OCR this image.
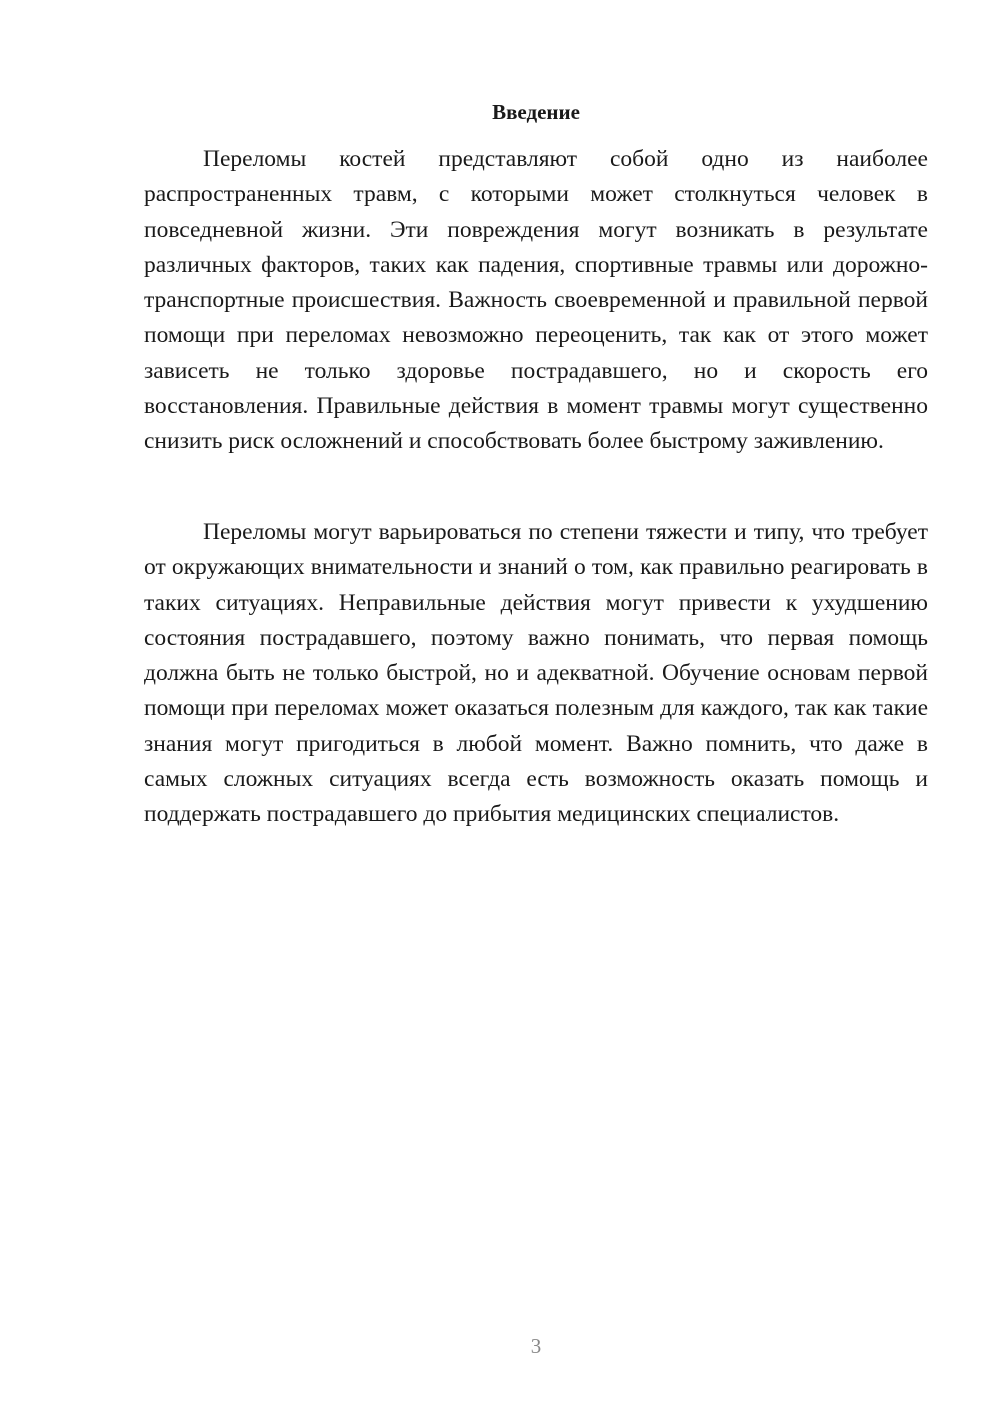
Введение

Переломы костей представляют собой одно из наиболее распространенных травм, с которыми может столкнуться человек в повседневной жизни. Эти повреждения могут возникать в результате различных факторов, таких как падения, спортивные травмы или дорожно-транспортные происшествия. Важность своевременной и правильной первой помощи при переломах невозможно переоценить, так как от этого может зависеть не только здоровье пострадавшего, но и скорость его восстановления. Правильные действия в момент травмы могут существенно снизить риск осложнений и способствовать более быстрому заживлению.

Переломы могут варьироваться по степени тяжести и типу, что требует от окружающих внимательности и знаний о том, как правильно реагировать в таких ситуациях. Неправильные действия могут привести к ухудшению состояния пострадавшего, поэтому важно понимать, что первая помощь должна быть не только быстрой, но и адекватной. Обучение основам первой помощи при переломах может оказаться полезным для каждого, так как такие знания могут пригодиться в любой момент. Важно помнить, что даже в самых сложных ситуациях всегда есть возможность оказать помощь и поддержать пострадавшего до прибытия медицинских специалистов.

3
